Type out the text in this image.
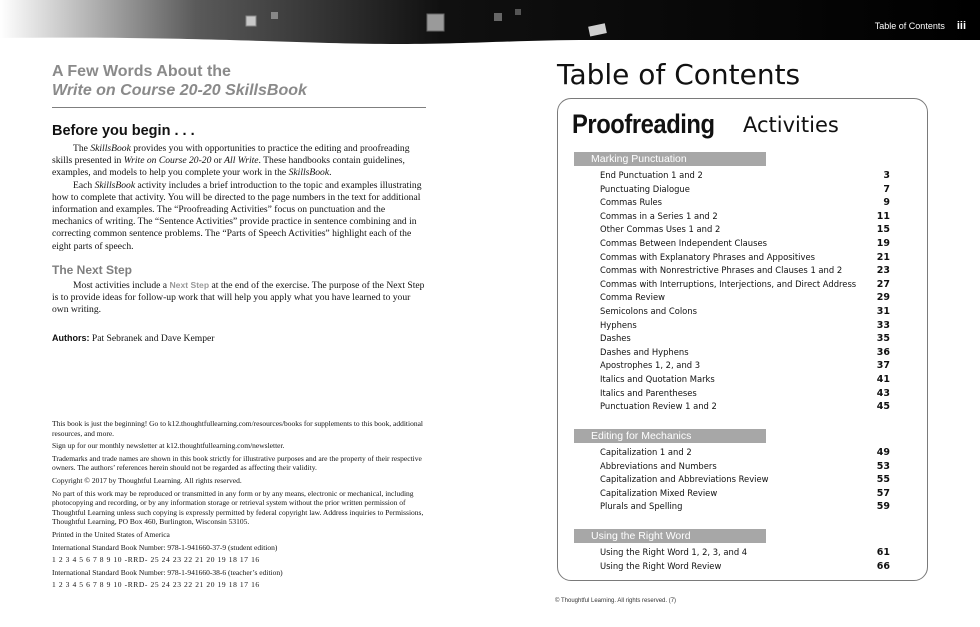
Table of Contents iii
A Few Words About the
Write on Course 20-20 SkillsBook
Before you begin . . .

The SkillsBook provides you with opportunities to practice the editing and proofreading skills presented in Write on Course 20-20 or All Write. These handbooks contain guidelines, examples, and models to help you complete your work in the SkillsBook.

Each SkillsBook activity includes a brief introduction to the topic and examples illustrating how to complete that activity. You will be directed to the page numbers in the text for additional information and examples. The “Proofreading Activities” focus on punctuation and the mechanics of writing. The “Sentence Activities” provide practice in sentence combining and in correcting common sentence problems. The “Parts of Speech Activities” highlight each of the eight parts of speech.

The Next Step

Most activities include a Next Step at the end of the exercise. The purpose of the Next Step is to provide ideas for follow-up work that will help you apply what you have learned to your own writing.

Authors: Pat Sebranek and Dave Kemper

This book is just the beginning! Go to k12.thoughtfullearning.com/resources/books for supplements to this book, additional resources, and more.

Sign up for our monthly newsletter at k12.thoughtfullearning.com/newsletter.

Trademarks and trade names are shown in this book strictly for illustrative purposes and are the property of their respective owners. The authors’ references herein should not be regarded as affecting their validity.

Copyright © 2017 by Thoughtful Learning. All rights reserved.

No part of this work may be reproduced or transmitted in any form or by any means, electronic or mechanical, including photocopying and recording, or by any information storage or retrieval system without the prior written permission of Thoughtful Learning unless such copying is expressly permitted by federal copyright law. Address inquiries to Permissions, Thoughtful Learning, PO Box 460, Burlington, Wisconsin 53105.

Printed in the United States of America

International Standard Book Number: 978-1-941660-37-9 (student edition)

1 2 3 4 5 6 7 8 9 10 -RRD- 25 24 23 22 21 20 19 18 17 16

International Standard Book Number: 978-1-941660-38-6 (teacher’s edition)

1 2 3 4 5 6 7 8 9 10 -RRD- 25 24 23 22 21 20 19 18 17 16

Table of Contents
Proofreading Activities
Marking Punctuation
End Punctuation 1 and 2	3
Punctuating Dialogue	7
Commas Rules	9
Commas in a Series 1 and 2	11
Other Commas Uses 1 and 2	15
Commas Between Independent Clauses	19
Commas with Explanatory Phrases and Appositives	21
Commas with Nonrestrictive Phrases and Clauses 1 and 2	23
Commas with Interruptions, Interjections, and Direct Address 27
Comma Review	29
Semicolons and Colons	31
Hyphens	33
Dashes	35
Dashes and Hyphens	36
Apostrophes 1, 2, and 3	37
Italics and Quotation Marks	41
Italics and Parentheses	43
Punctuation Review 1 and 2	45
Editing for Mechanics
Capitalization 1 and 2	49
Abbreviations and Numbers	53
Capitalization and Abbreviations Review	55
Capitalization Mixed Review	57
Plurals and Spelling	59
Using the Right Word
Using the Right Word 1, 2, 3, and 4	61
Using the Right Word Review	66
© Thoughtful Learning. All rights reserved. (7)
